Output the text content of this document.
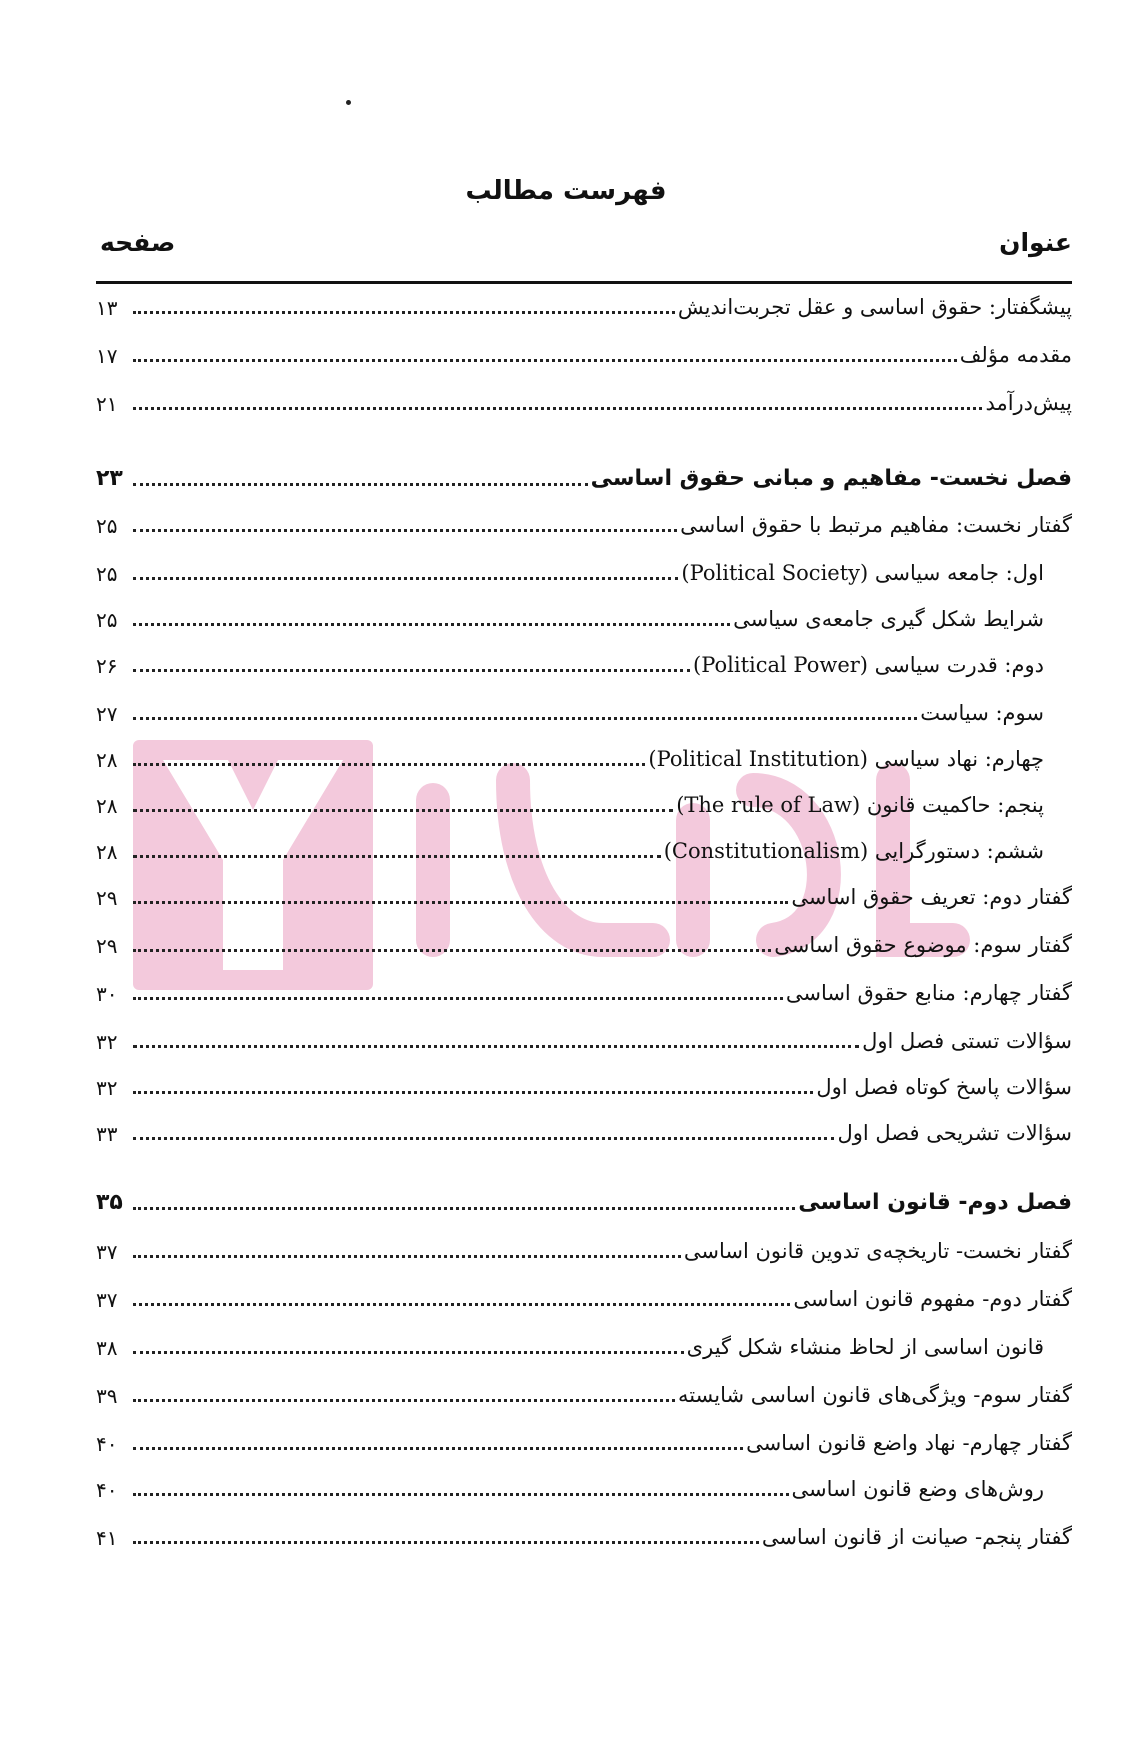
فهرست مطالب
عنوان
صفحه
پیشگفتار: حقوق اساسی و عقل تجربت‌اندیش
۱۳
مقدمه مؤلف
۱۷
پیش‌درآمد
۲۱
فصل نخست- مفاهیم و مبانی حقوق اساسی
۲۳
گفتار نخست: مفاهیم مرتبط با حقوق اساسی
۲۵
اول: جامعه سیاسی (Political Society)
۲۵
شرایط شکل گیری جامعه‌ی سیاسی
۲۵
دوم: قدرت سیاسی (Political Power)
۲۶
سوم: سیاست
۲۷
چهارم: نهاد سیاسی (Political Institution)
۲۸
پنجم: حاکمیت قانون (The rule of Law)
۲۸
ششم: دستورگرایی (Constitutionalism)
۲۸
گفتار دوم: تعریف حقوق اساسی
۲۹
گفتار سوم: موضوع حقوق اساسی
۲۹
گفتار چهارم: منابع حقوق اساسی
۳۰
سؤالات تستی فصل اول
۳۲
سؤالات پاسخ کوتاه فصل اول
۳۲
سؤالات تشریحی فصل اول
۳۳
فصل دوم- قانون اساسی
۳۵
گفتار نخست- تاریخچه‌ی تدوین قانون اساسی
۳۷
گفتار دوم- مفهوم قانون اساسی
۳۷
قانون اساسی از لحاظ منشاء شکل گیری
۳۸
گفتار سوم- ویژگی‌های قانون اساسی شایسته
۳۹
گفتار چهارم- نهاد واضع قانون اساسی
۴۰
روش‌های وضع قانون اساسی
۴۰
گفتار پنجم- صیانت از قانون اساسی
۴۱
